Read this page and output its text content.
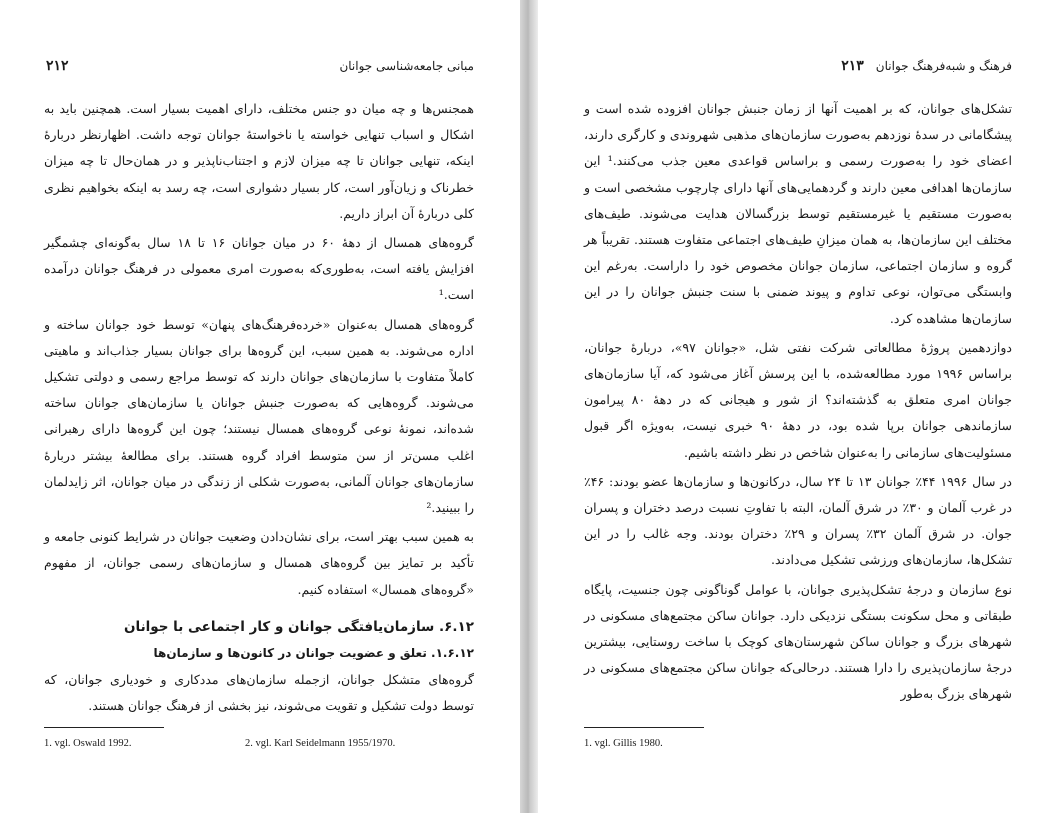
۲۱۲	مبانی جامعه‌شناسی جوانان

همجنس‌ها و چه میان دو جنس مختلف، دارای اهمیت بسیار است. همچنین باید به اشکال و اسباب تنهایی خواسته یا ناخواستهٔ جوانان توجه داشت. اظهارنظر دربارهٔ اینکه، تنهایی جوانان تا چه میزان لازم و اجتناب‌ناپذیر و در همان‌حال تا چه میزان خطرناک و زیان‌آور است، کار بسیار دشواری است، چه رسد به اینکه بخواهیم نظری کلی دربارهٔ آن ابراز داریم.

گروه‌های همسال از دههٔ ۶۰ در میان جوانان ۱۶ تا ۱۸ سال به‌گونه‌ای چشمگیر افزایش یافته است، به‌طوری‌که به‌صورت امری معمولی در فرهنگ جوانان درآمده است.¹

گروه‌های همسال به‌عنوان «خرده‌فرهنگ‌های پنهان» توسط خود جوانان ساخته و اداره می‌شوند. به همین سبب، این گروه‌ها برای جوانان بسیار جذاب‌اند و ماهیتی کاملاً متفاوت با سازمان‌های جوانان دارند که توسط مراجع رسمی و دولتی تشکیل می‌شوند. گروه‌هایی که به‌صورت جنبش جوانان یا سازمان‌های جوانان ساخته شده‌اند، نمونهٔ نوعی گروه‌های همسال نیستند؛ چون این گروه‌ها دارای رهبرانی اغلب مسن‌تر از سن متوسط افراد گروه هستند. برای مطالعهٔ بیشتر دربارهٔ سازمان‌های جوانان آلمانی، به‌صورت شکلی از زندگی در میان جوانان، اثر زایدلمان را ببینید.²

به همین سبب بهتر است، برای نشان‌دادن وضعیت جوانان در شرایط کنونی جامعه و تأکید بر تمایز بین گروه‌های همسال و سازمان‌های رسمی جوانان، از مفهوم «گروه‌های همسال» استفاده کنیم.

۶.۱۲. سازمان‌یافتگی جوانان و کار اجتماعی با جوانان
۱.۶.۱۲. تعلق و عضویت جوانان در کانون‌ها و سازمان‌ها

گروه‌های متشکل جوانان، ازجمله سازمان‌های مددکاری و خودیاری جوانان، که توسط دولت تشکیل و تقویت می‌شوند، نیز بخشی از فرهنگ جوانان هستند.

1. vgl. Oswald 1992.	2. vgl. Karl Seidelmann 1955/1970.
فرهنگ و شبه‌فرهنگ جوانان
۲۱۳

تشکل‌های جوانان، که بر اهمیت آنها از زمان جنبش جوانان افزوده شده است و پیشگامانی در سدهٔ نوزدهم به‌صورت سازمان‌های مذهبی شهروندی و کارگری دارند، اعضای خود را به‌صورت رسمی و براساس قواعدی معین جذب می‌کنند.¹ این سازمان‌ها اهدافی معین دارند و گردهمایی‌های آنها دارای چارچوب مشخصی است و به‌صورت مستقیم یا غیرمستقیم توسط بزرگسالان هدایت می‌شوند. طیف‌های مختلف این سازمان‌ها، به همان میزانِ طیف‌های اجتماعی متفاوت هستند. تقریباً هر گروه و سازمان اجتماعی، سازمان جوانان مخصوص خود را داراست. به‌رغم این وابستگی می‌توان، نوعی تداوم و پیوند ضمنی با سنت جنبش جوانان را در این سازمان‌ها مشاهده کرد.

دوازدهمین پروژهٔ مطالعاتی شرکت نفتی شل، «جوانان ۹۷»، دربارهٔ جوانان، براساس ۱۹۹۶ مورد مطالعه‌شده، با این پرسش آغاز می‌شود که، آیا سازمان‌های جوانان امری متعلق به گذشته‌اند؟ از شور و هیجانی که در دههٔ ۸۰ پیرامون سازماندهی جوانان برپا شده بود، در دههٔ ۹۰ خبری نیست، به‌ویژه اگر قبول مسئولیت‌های سازمانی را به‌عنوان شاخص در نظر داشته باشیم.

در سال ۱۹۹۶ ۴۴٪ جوانان ۱۳ تا ۲۴ سال، درکانون‌ها و سازمان‌ها عضو بودند: ۴۶٪ در غرب آلمان و ۳۰٪ در شرق آلمان، البته با تفاوتِ نسبت درصد دختران و پسران جوان. در شرق آلمان ۳۲٪ پسران و ۲۹٪ دختران بودند. وجه غالب را در این تشکل‌ها، سازمان‌های ورزشی تشکیل می‌دادند.

نوع سازمان و درجهٔ تشکل‌پذیری جوانان، با عوامل گوناگونی چون جنسیت، پایگاه طبقاتی و محل سکونت بستگی نزدیکی دارد. جوانان ساکن مجتمع‌های مسکونی در شهرهای بزرگ و جوانان ساکن شهرستان‌های کوچک با ساخت روستایی، بیشترین درجهٔ سازمان‌پذیری را دارا هستند. درحالی‌که جوانان ساکن مجتمع‌های مسکونی در شهرهای بزرگ به‌طور

1. vgl. Gillis 1980.
